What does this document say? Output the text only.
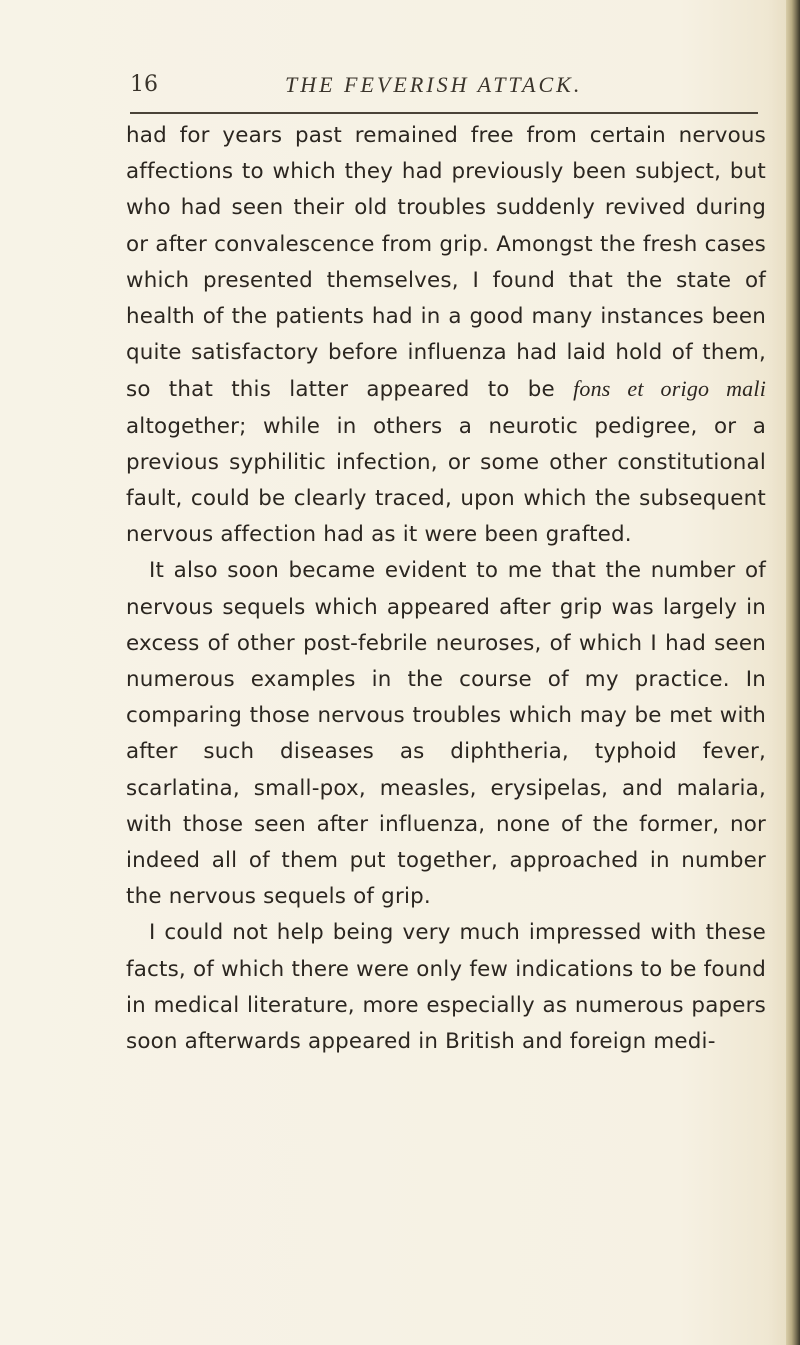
16	THE FEVERISH ATTACK.

had for years past remained free from certain nervous affections to which they had previously been subject, but who had seen their old troubles suddenly revived during or after convalescence from grip. Amongst the fresh cases which presented themselves, I found that the state of health of the patients had in a good many instances been quite satisfactory before influenza had laid hold of them, so that this latter appeared to be fons et origo mali altogether; while in others a neurotic pedigree, or a previous syphilitic infection, or some other constitutional fault, could be clearly traced, upon which the subsequent nervous affection had as it were been grafted.

It also soon became evident to me that the number of nervous sequels which appeared after grip was largely in excess of other post-febrile neuroses, of which I had seen numerous examples in the course of my practice. In comparing those nervous troubles which may be met with after such diseases as diphtheria, typhoid fever, scarlatina, small-pox, measles, erysipelas, and malaria, with those seen after influenza, none of the former, nor indeed all of them put together, approached in number the nervous sequels of grip.

I could not help being very much impressed with these facts, of which there were only few indications to be found in medical literature, more especially as numerous papers soon afterwards appeared in British and foreign medi-
